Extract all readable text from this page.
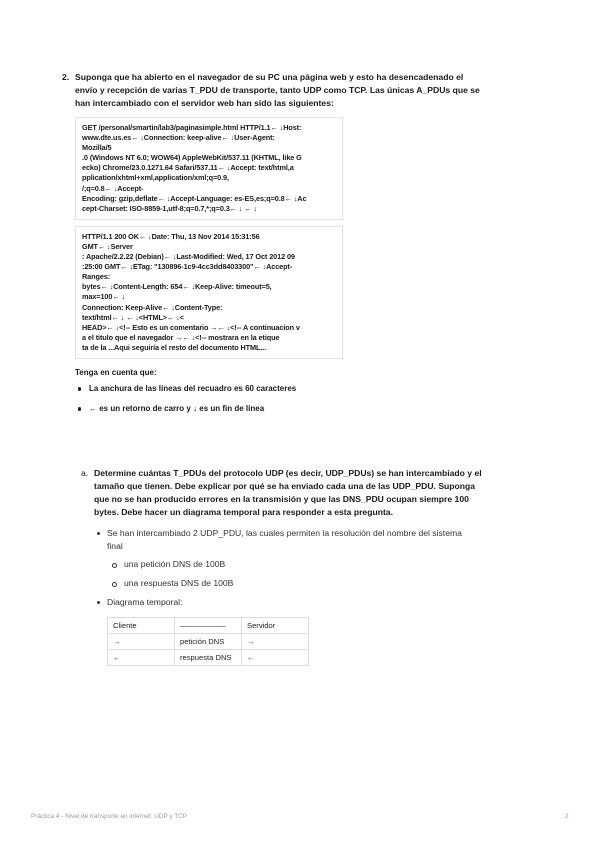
2. Suponga que ha abierto en el navegador de su PC una página web y esto ha desencadenado el
envío y recepción de varias T_PDU de transporte, tanto UDP como TCP. Las únicas A_PDUs que se
han intercambiado con el servidor web han sido las siguientes:

GET /personal/smartin/lab3/paginasimple.html HTTP/1.1← ↓Host:
www.dte.us.es← ↓Connection: keep-alive← ↓User-Agent:
Mozilla/5
.0 (Windows NT 6.0; WOW64) AppleWebKit/537.11 (KHTML, like G
ecko) Chrome/23.0.1271.64 Safari/537.11← ↓Accept: text/html,a
pplication/xhtml+xml,application/xml;q=0.9,
/;q=0.8← ↓Accept-
Encoding: gzip,deflate← ↓Accept-Language: es-ES,es;q=0.8← ↓Ac
cept-Charset: ISO-8859-1,utf-8;q=0.7,*;q=0.3← ↓ ← ↓
HTTP/1.1 200 OK← ↓Date: Thu, 13 Nov 2014 15:31:56
GMT← ↓Server
: Apache/2.2.22 (Debian)← ↓Last-Modified: Wed, 17 Oct 2012 09
:25:00 GMT← ↓ETag: "130896-1c9-4cc3dd8403300"← ↓Accept-
Ranges:
bytes← ↓Content-Length: 654← ↓Keep-Alive: timeout=5,
max=100← ↓
Connection: Keep-Alive← ↓Content-Type:
text/html← ↓ ← ↓<HTML>← ↓<
HEAD>← ↓<!-- Esto es un comentario →← ↓<!-- A continuacion v
a el titulo que el navegador →← ↓<!-- mostrara en la etique
ta de la ...Aqui seguiría el resto del documento HTML...
Tenga en cuenta que:
La anchura de las líneas del recuadro es 60 caracteres
← es un retorno de carro y ↓ es un fin de línea
a. Determine cuántas T_PDUs del protocolo UDP (es decir, UDP_PDUs) se han intercambiado y el
tamaño que tienen. Debe explicar por qué se ha enviado cada una de las UDP_PDU. Suponga
que no se han producido errores en la transmisión y que las DNS_PDU ocupan siempre 100
bytes. Debe hacer un diagrama temporal para responder a esta pregunta.

Se han intercambiado 2 UDP_PDU, las cuales permiten la resolución del nombre del sistema
final
una petición DNS de 100B
una respuesta DNS de 100B
Diagrama temporal:
Cliente	——————	Servidor
→	petición DNS	→
←	respuesta DNS	←
Práctica 4 - Nivel de transporte en internet: UDP y TCP	2
